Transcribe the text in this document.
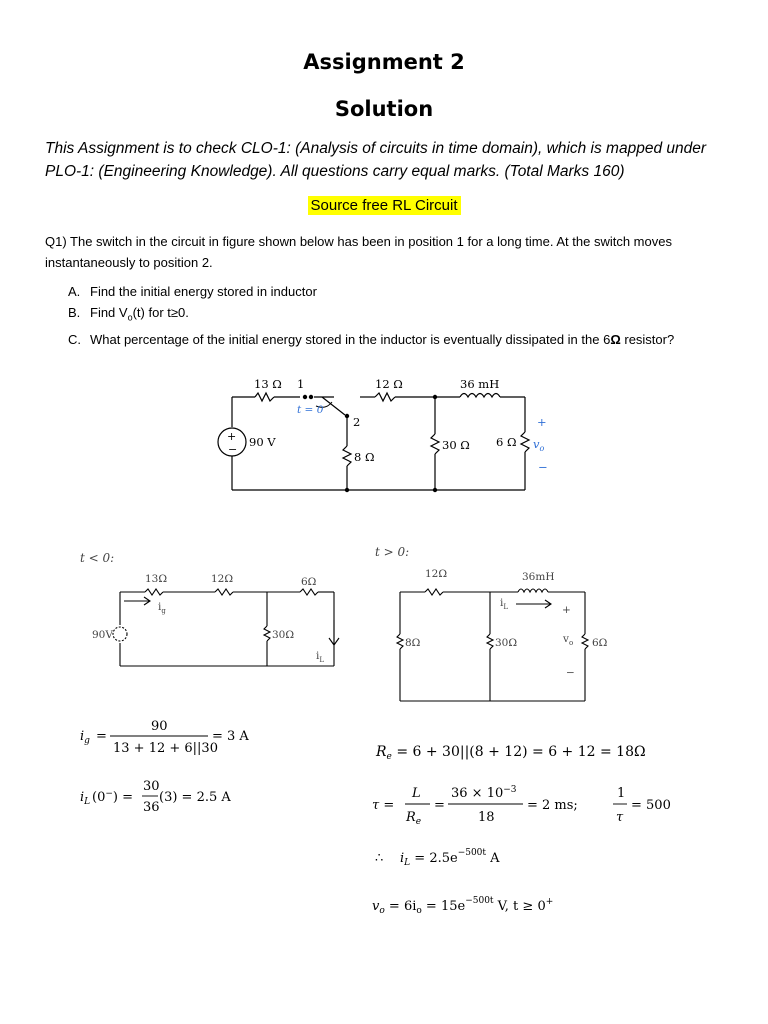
Assignment 2
Solution
This Assignment is to check CLO-1: (Analysis of circuits in time domain), which is mapped under
PLO-1: (Engineering Knowledge). All questions carry equal marks. (Total Marks 160)
Source free RL Circuit
Q1) The switch in the circuit in figure shown below has been in position 1 for a long time. At the switch moves
instantaneously to position 2.
A. Find the initial energy stored in inductor
B. Find $V_o(t)$ for t≥0.
C. What percentage of the initial energy stored in the inductor is eventually dissipated in the 6Ω resistor?
13 Ω 1
t = 0
2
12 Ω	36 mH
90 V
+
−
8 Ω
30 Ω 6 Ω
+
$v_o$
−
t < 0:
13Ω	12Ω	6Ω
$i_g$
90V	30Ω
$i_L$
t > 0:
12Ω	36mH
$i_L$	+
8Ω	30Ω	$v_o$ 6Ω
−
$i_g$ =
90
13 + 12 + 6||30
= 3 A
$i_L$ (0−) =
30
36
(3) = 2.5 A
$R_e = 6 + 30||(8 + 12) = 6 + 12 = 18\Omega$
τ =
L
$R_e$
=
$36 \times 10^{-3}$
18
= 2 ms;
1
τ
= 500
∴ $i_L = 2.5e^{-500t}$ A
$v_o = 6i_o = 15e^{-500t}$ V, t ≥ 0+
